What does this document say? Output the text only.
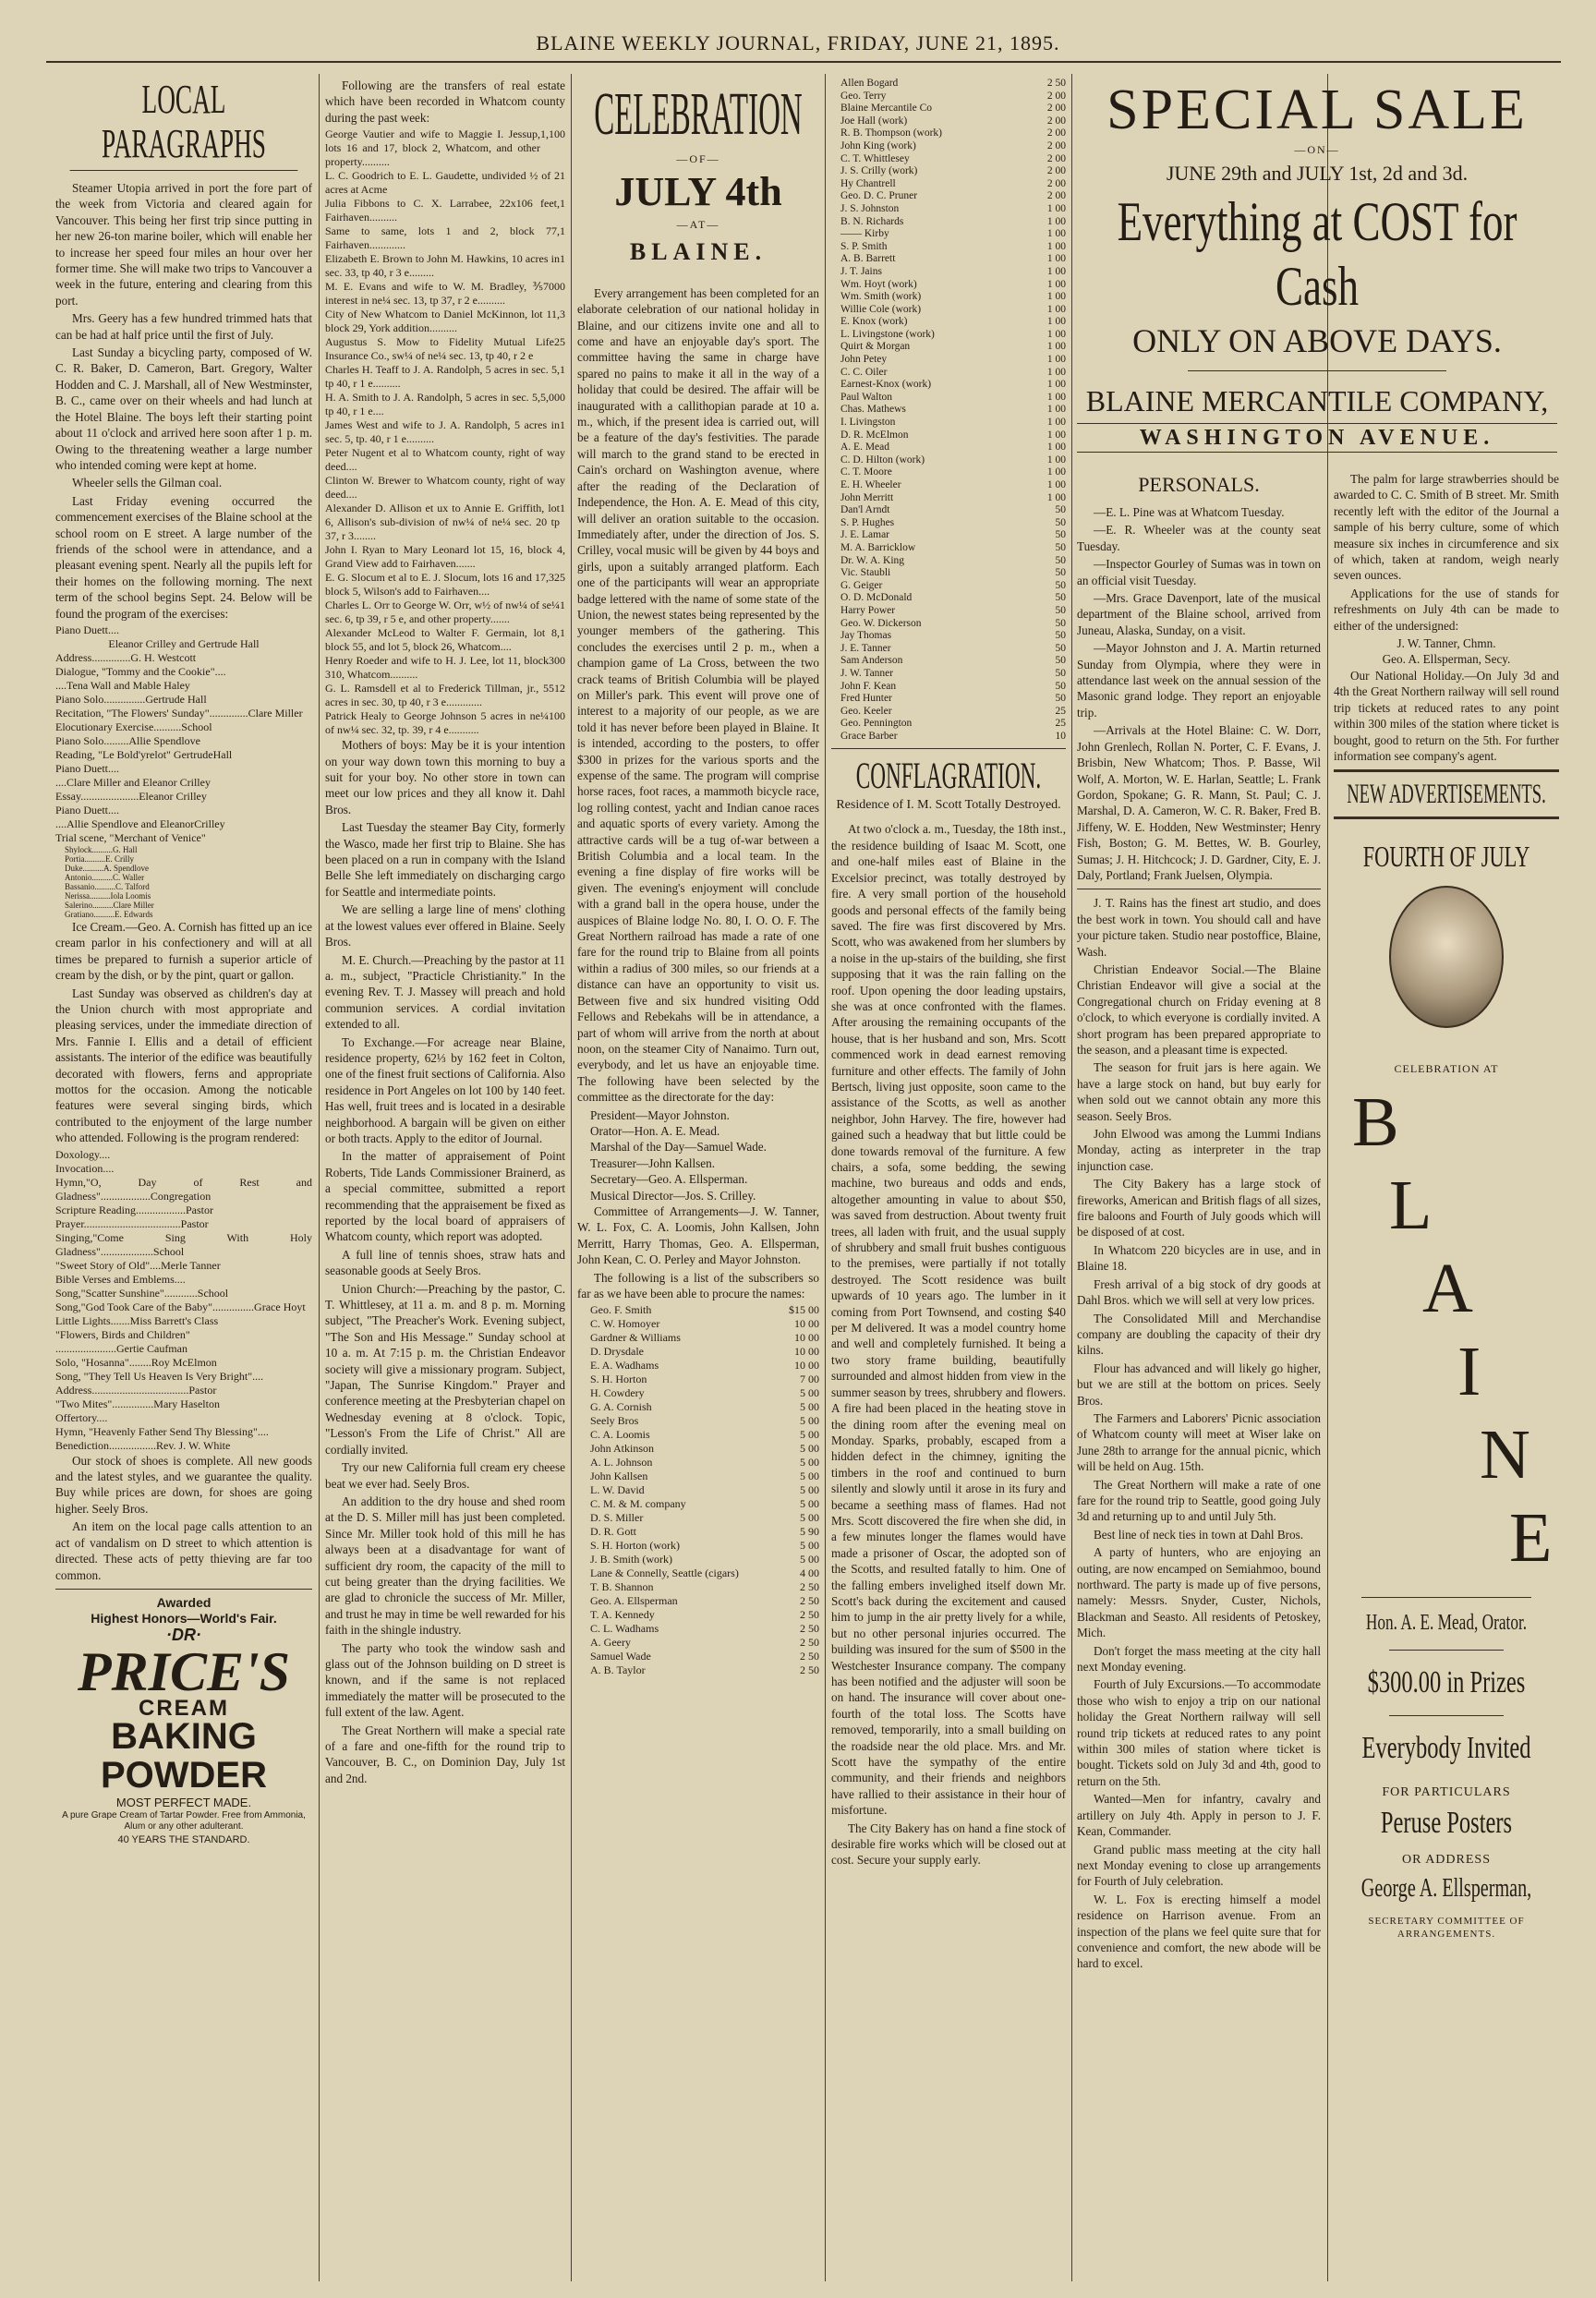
BLAINE WEEKLY JOURNAL, FRIDAY, JUNE 21, 1895.
LOCAL PARAGRAPHS

Steamer Utopia arrived in port the fore part of the week from Victoria and cleared again for Vancouver. This being her first trip since putting in her new 26-ton marine boiler, which will enable her to increase her speed four miles an hour over her former time. She will make two trips to Vancouver a week in the future, entering and clearing from this port.

Mrs. Geery has a few hundred trimmed hats that can be had at half price until the first of July.

Last Sunday a bicycling party, composed of W. C. R. Baker, D. Cameron, Bart. Gregory, Walter Hodden and C. J. Marshall, all of New Westminster, B. C., came over on their wheels and had lunch at the Hotel Blaine. The boys left their starting point about 11 o'clock and arrived here soon after 1 p. m. Owing to the threatening weather a large number who intended coming were kept at home.

Wheeler sells the Gilman coal.

Last Friday evening occurred the commencement exercises of the Blaine school at the school room on E street. A large number of the friends of the school were in attendance, and a pleasant evening spent. Nearly all the pupils left for their homes on the following morning. The next term of the school begins Sept. 24. Below will be found the program of the exercises:

Piano Duett....
Eleanor Crilley and Gertrude Hall
Address..............G. H. Westcott
Dialogue, "Tommy and the Cookie"....
....Tena Wall and Mable Haley
Piano Solo...............Gertrude Hall
Recitation, "The Flowers' Sunday"..............Clare Miller
Elocutionary Exercise..........School
Piano Solo.........Allie Spendlove
Reading, "Le Bold'yrelot" GertrudeHall
Piano Duett....
....Clare Miller and Eleanor Crilley
Essay.....................Eleanor Crilley
Piano Duett....
....Allie Spendlove and EleanorCrilley
Trial scene, "Merchant of Venice"
Shylock..........G. Hall
Portia..........E. Crilly
Duke..........A. Spendlove
Antonio..........C. Waller
Bassanio..........C. Talford
Nerissa..........Iola Loomis
Salerino..........Clare Miller
Gratiano..........E. Edwards

Ice Cream.—Geo. A. Cornish has fitted up an ice cream parlor in his confectionery and will at all times be prepared to furnish a superior article of cream by the dish, or by the pint, quart or gallon.

Last Sunday was observed as children's day at the Union church with most appropriate and pleasing services, under the immediate direction of Mrs. Fannie I. Ellis and a detail of efficient assistants. The interior of the edifice was beautifully decorated with flowers, ferns and appropriate mottos for the occasion. Among the noticable features were several singing birds, which contributed to the enjoyment of the large number who attended. Following is the program rendered:

Doxology....
Invocation....
Hymn,"O, Day of Rest and Gladness"..................Congregation
Scripture Reading..................Pastor
Prayer...................................Pastor
Singing,"Come Sing With Holy Gladness"...................School
"Sweet Story of Old"....Merle Tanner
Bible Verses and Emblems....
Song,"Scatter Sunshine"............School
Song,"God Took Care of the Baby"...............Grace Hoyt
Little Lights.......Miss Barrett's Class
"Flowers, Birds and Children"
......................Gertie Caufman
Solo, "Hosanna"........Roy McElmon
Song, "They Tell Us Heaven Is Very Bright"....
Address...................................Pastor
"Two Mites"...............Mary Haselton
Offertory....
Hymn, "Heavenly Father Send Thy Blessing"....
Benediction.................Rev. J. W. White

Our stock of shoes is complete. All new goods and the latest styles, and we guarantee the quality. Buy while prices are down, for shoes are going higher. Seely Bros.

An item on the local page calls attention to an act of vandalism on D street to which attention is directed. These acts of petty thieving are far too common.

Awarded
Highest Honors—World's Fair.
·DR·
PRICE'S
CREAM
BAKING
POWDER
MOST PERFECT MADE.
A pure Grape Cream of Tartar Powder. Free from Ammonia, Alum or any other adulterant.
40 YEARS THE STANDARD.

Following are the transfers of real estate which have been recorded in Whatcom county during the past week:

George Vautier and wife to Maggie I. Jessup, lots 16 and 17, block 2, Whatcom, and other property..........
1,100
L. C. Goodrich to E. L. Gaudette, undivided ½ of 2 acres at Acme
1
Julia Fibbons to C. X. Larrabee, 22x106 feet, Fairhaven..........
1
Same to same, lots 1 and 2, block 77, Fairhaven.............
1
Elizabeth E. Brown to John M. Hawkins, 10 acres in sec. 33, tp 40, r 3 e.........
1
M. E. Evans and wife to W. M. Bradley, ⅗ interest in ne¼ sec. 13, tp 37, r 2 e..........
7000
City of New Whatcom to Daniel McKinnon, lot 11, block 29, York addition..........
3
Augustus S. Mow to Fidelity Mutual Life Insurance Co., sw¼ of ne¼ sec. 13, tp 40, r 2 e
25
Charles H. Teaff to J. A. Randolph, 5 acres in sec. 5, tp 40, r 1 e..........
1
H. A. Smith to J. A. Randolph, 5 acres in sec. 5, tp 40, r 1 e....
5,000
James West and wife to J. A. Randolph, 5 acres in sec. 5, tp. 40, r 1 e..........
1
Peter Nugent et al to Whatcom county, right of way deed....
Clinton W. Brewer to Whatcom county, right of way deed....
Alexander D. Allison et ux to Annie E. Griffith, lot 6, Allison's sub-division of nw¼ of ne¼ sec. 20 tp 37, r 3........
1
John I. Ryan to Mary Leonard lot 15, 16, block 4, Grand View add to Fairhaven.......
E. G. Slocum et al to E. J. Slocum, lots 16 and 17, block 5, Wilson's add to Fairhaven....
325
Charles L. Orr to George W. Orr, w½ of nw¼ of se¼ sec. 6, tp 39, r 5 e, and other property.......
1
Alexander McLeod to Walter F. Germain, lot 8, block 55, and lot 5, block 26, Whatcom....
1
Henry Roeder and wife to H. J. Lee, lot 11, block 310, Whatcom..........
300
G. L. Ramsdell et al to Frederick Tillman, jr., 5 acres in sec. 30, tp 40, r 3 e.............
512
Patrick Healy to George Johnson 5 acres in ne¼ of nw¼ sec. 32, tp. 39, r 4 e...........
100

Mothers of boys: May be it is your intention on your way down town this morning to buy a suit for your boy. No other store in town can meet our low prices and they all know it. Dahl Bros.

Last Tuesday the steamer Bay City, formerly the Wasco, made her first trip to Blaine. She has been placed on a run in company with the Island Belle She left immediately on discharging cargo for Seattle and intermediate points.

We are selling a large line of mens' clothing at the lowest values ever offered in Blaine. Seely Bros.

M. E. Church.—Preaching by the pastor at 11 a. m., subject, "Practicle Christianity." In the evening Rev. T. J. Massey will preach and hold communion services. A cordial invitation extended to all.

To Exchange.—For acreage near Blaine, residence property, 62⅓ by 162 feet in Colton, one of the finest fruit sections of California. Also residence in Port Angeles on lot 100 by 140 feet. Has well, fruit trees and is located in a desirable neighborhood. A bargain will be given on either or both tracts. Apply to the editor of Journal.

In the matter of appraisement of Point Roberts, Tide Lands Commissioner Brainerd, as a special committee, submitted a report recommending that the appraisement be fixed as reported by the local board of appraisers of Whatcom county, which report was adopted.

A full line of tennis shoes, straw hats and seasonable goods at Seely Bros.

Union Church:—Preaching by the pastor, C. T. Whittlesey, at 11 a. m. and 8 p. m. Morning subject, "The Preacher's Work. Evening subject, "The Son and His Message." Sunday school at 10 a. m. At 7:15 p. m. the Christian Endeavor society will give a missionary program. Subject, "Japan, The Sunrise Kingdom." Prayer and conference meeting at the Presbyterian chapel on Wednesday evening at 8 o'clock. Topic, "Lesson's From the Life of Christ." All are cordially invited.

Try our new California full cream ery cheese beat we ever had. Seely Bros.

An addition to the dry house and shed room at the D. S. Miller mill has just been completed. Since Mr. Miller took hold of this mill he has always been at a disadvantage for want of sufficient dry room, the capacity of the mill to cut being greater than the drying facilities. We are glad to chronicle the success of Mr. Miller, and trust he may in time be well rewarded for his faith in the shingle industry.

The party who took the window sash and glass out of the Johnson building on D street is known, and if the same is not replaced immediately the matter will be prosecuted to the full extent of the law. Agent.

The Great Northern will make a special rate of a fare and one-fifth for the round trip to Vancouver, B. C., on Dominion Day, July 1st and 2nd.

CELEBRATION
—OF—
JULY 4th
—AT—
BLAINE.

Every arrangement has been completed for an elaborate celebration of our national holiday in Blaine, and our citizens invite one and all to come and have an enjoyable day's sport. The committee having the same in charge have spared no pains to make it all in the way of a holiday that could be desired. The affair will be inaugurated with a callithopian parade at 10 a. m., which, if the present idea is carried out, will be a feature of the day's festivities. The parade will march to the grand stand to be erected in Cain's orchard on Washington avenue, where after the reading of the Declaration of Independence, the Hon. A. E. Mead of this city, will deliver an oration suitable to the occasion. Immediately after, under the direction of Jos. S. Crilley, vocal music will be given by 44 boys and girls, upon a suitably arranged platform. Each one of the participants will wear an appropriate badge lettered with the name of some state of the Union, the newest states being represented by the younger members of the gathering. This concludes the exercises until 2 p. m., when a champion game of La Cross, between the two crack teams of British Columbia will be played on Miller's park. This event will prove one of interest to a majority of our people, as we are told it has never before been played in Blaine. It is intended, according to the posters, to offer $300 in prizes for the various sports and the expense of the same. The program will comprise horse races, foot races, a mammoth bicycle race, log rolling contest, yacht and Indian canoe races and aquatic sports of every variety. Among the attractive cards will be a tug of-war between a British Columbia and a local team. In the evening a fine display of fire works will be given. The evening's enjoyment will conclude with a grand ball in the opera house, under the auspices of Blaine lodge No. 80, I. O. O. F. The Great Northern railroad has made a rate of one fare for the round trip to Blaine from all points within a radius of 300 miles, so our friends at a distance can have an opportunity to visit us. Between five and six hundred visiting Odd Fellows and Rebekahs will be in attendance, a part of whom will arrive from the north at about noon, on the steamer City of Nanaimo. Turn out, everybody, and let us have an enjoyable time. The following have been selected by the committee as the directorate for the day:

President—Mayor Johnston.
Orator—Hon. A. E. Mead.
Marshal of the Day—Samuel Wade.
Treasurer—John Kallsen.
Secretary—Geo. A. Ellsperman.
Musical Director—Jos. S. Crilley.

Committee of Arrangements—J. W. Tanner, W. L. Fox, C. A. Loomis, John Kallsen, John Merritt, Harry Thomas, Geo. A. Ellsperman, John Kean, C. O. Perley and Mayor Johnston.

The following is a list of the subscribers so far as we have been able to procure the names:

Geo. F. Smith	$15 00
C. W. Homoyer	10 00
Gardner & Williams	10 00
D. Drysdale	10 00
E. A. Wadhams	10 00
S. H. Horton	7 00
H. Cowdery	5 00
G. A. Cornish	5 00
Seely Bros	5 00
C. A. Loomis	5 00
John Atkinson	5 00
A. L. Johnson	5 00
John Kallsen	5 00
L. W. David	5 00
C. M. & M. company	5 00
D. S. Miller	5 00
D. R. Gott	5 90
S. H. Horton (work)	5 00
J. B. Smith (work)	5 00
Lane & Connelly, Seattle (cigars)	4 00
T. B. Shannon	2 50
Geo. A. Ellsperman	2 50
T. A. Kennedy	2 50
C. L. Wadhams	2 50
A. Geery	2 50
Samuel Wade	2 50
A. B. Taylor	2 50
Allen Bogard	2 50
Geo. Terry	2 00
Blaine Mercantile Co	2 00
Joe Hall (work)	2 00
R. B. Thompson (work)	2 00
John King (work)	2 00
C. T. Whittlesey	2 00
J. S. Crilly (work)	2 00
Hy Chantrell	2 00
Geo. D. C. Pruner	2 00
J. S. Johnston	1 00
B. N. Richards	1 00
—— Kirby	1 00
S. P. Smith	1 00
A. B. Barrett	1 00
J. T. Jains	1 00
Wm. Hoyt (work)	1 00
Wm. Smith (work)	1 00
Willie Cole (work)	1 00
E. Knox (work)	1 00
L. Livingstone (work)	1 00
Quirt & Morgan	1 00
John Petey	1 00
C. C. Oiler	1 00
Earnest-Knox (work)	1 00
Paul Walton	1 00
Chas. Mathews	1 00
I. Livingston	1 00
D. R. McElmon	1 00
A. E. Mead	1 00
C. D. Hilton (work)	1 00
C. T. Moore	1 00
E. H. Wheeler	1 00
John Merritt	1 00
Dan'l Arndt	50
S. P. Hughes	50
J. E. Lamar	50
M. A. Barricklow	50
Dr. W. A. King	50
Vic. Staubli	50
G. Geiger	50
O. D. McDonald	50
Harry Power	50
Geo. W. Dickerson	50
Jay Thomas	50
J. E. Tanner	50
Sam Anderson	50
J. W. Tanner	50
John F. Kean	50
Fred Hunter	50
Geo. Keeler	25
Geo. Pennington	25
Grace Barber	10
CONFLAGRATION.
Residence of I. M. Scott Totally Destroyed.

At two o'clock a. m., Tuesday, the 18th inst., the residence building of Isaac M. Scott, one and one-half miles east of Blaine in the Excelsior precinct, was totally destroyed by fire. A very small portion of the household goods and personal effects of the family being saved. The fire was first discovered by Mrs. Scott, who was awakened from her slumbers by a noise in the up-stairs of the building, she first supposing that it was the rain falling on the roof. Upon opening the door leading upstairs, she was at once confronted with the flames. After arousing the remaining occupants of the house, that is her husband and son, Mrs. Scott commenced work in dead earnest removing furniture and other effects. The family of John Bertsch, living just opposite, soon came to the assistance of the Scotts, as well as another neighbor, John Harvey. The fire, however had gained such a headway that but little could be done towards removal of the furniture. A few chairs, a sofa, some bedding, the sewing machine, two bureaus and odds and ends, altogether amounting in value to about $50, was saved from destruction. About twenty fruit trees, all laden with fruit, and the usual supply of shrubbery and small fruit bushes contiguous to the premises, were partially if not totally destroyed. The Scott residence was built upwards of 10 years ago. The lumber in it coming from Port Townsend, and costing $40 per M delivered. It was a model country home and well and completely furnished. It being a two story frame building, beautifully surrounded and almost hidden from view in the summer season by trees, shrubbery and flowers. A fire had been placed in the heating stove in the dining room after the evening meal on Monday. Sparks, probably, escaped from a hidden defect in the chimney, igniting the timbers in the roof and continued to burn silently and slowly until it arose in its fury and became a seething mass of flames. Had not Mrs. Scott discovered the fire when she did, in a few minutes longer the flames would have made a prisoner of Oscar, the adopted son of the Scotts, and resulted fatally to him. One of the falling embers invelighed itself down Mr. Scott's back during the excitement and caused him to jump in the air pretty lively for a while, but no other personal injuries occurred. The building was insured for the sum of $500 in the Westchester Insurance company. The company has been notified and the adjuster will soon be on hand. The insurance will cover about one-fourth of the total loss. The Scotts have removed, temporarily, into a small building on the roadside near the old place. Mrs. and Mr. Scott have the sympathy of the entire community, and their friends and neighbors have rallied to their assistance in their hour of misfortune.

The City Bakery has on hand a fine stock of desirable fire works which will be closed out at cost. Secure your supply early.

SPECIAL SALE
—ON—
JUNE 29th and JULY 1st, 2d and 3d.
Everything at COST for Cash
ONLY ON ABOVE DAYS.
BLAINE MERCANTILE COMPANY,
WASHINGTON AVENUE.
PERSONALS.

—E. L. Pine was at Whatcom Tuesday.

—E. R. Wheeler was at the county seat Tuesday.

—Inspector Gourley of Sumas was in town on an official visit Tuesday.

—Mrs. Grace Davenport, late of the musical department of the Blaine school, arrived from Juneau, Alaska, Sunday, on a visit.

—Mayor Johnston and J. A. Martin returned Sunday from Olympia, where they were in attendance last week on the annual session of the Masonic grand lodge. They report an enjoyable trip.

—Arrivals at the Hotel Blaine: C. W. Dorr, John Grenlech, Rollan N. Porter, C. F. Evans, J. Brisbin, New Whatcom; Thos. P. Basse, Wil Wolf, A. Morton, W. E. Harlan, Seattle; L. Frank Gordon, Spokane; G. R. Mann, St. Paul; C. J. Marshal, D. A. Cameron, W. C. R. Baker, Fred B. Jiffeny, W. E. Hodden, New Westminster; Henry Fish, Boston; G. M. Bettes, W. B. Gourley, Sumas; J. H. Hitchcock; J. D. Gardner, City, E. J. Daly, Portland; Frank Juelsen, Olympia.

J. T. Rains has the finest art studio, and does the best work in town. You should call and have your picture taken. Studio near postoffice, Blaine, Wash.

Christian Endeavor Social.—The Blaine Christian Endeavor will give a social at the Congregational church on Friday evening at 8 o'clock, to which everyone is cordially invited. A short program has been prepared appropriate to the season, and a pleasant time is expected.

The season for fruit jars is here again. We have a large stock on hand, but buy early for when sold out we cannot obtain any more this season. Seely Bros.

John Elwood was among the Lummi Indians Monday, acting as interpreter in the trap injunction case.

The City Bakery has a large stock of fireworks, American and British flags of all sizes, fire baloons and Fourth of July goods which will be disposed of at cost.

In Whatcom 220 bicycles are in use, and in Blaine 18.

Fresh arrival of a big stock of dry goods at Dahl Bros. which we will sell at very low prices.

The Consolidated Mill and Merchandise company are doubling the capacity of their dry kilns.

Flour has advanced and will likely go higher, but we are still at the bottom on prices. Seely Bros.

The Farmers and Laborers' Picnic association of Whatcom county will meet at Wiser lake on June 28th to arrange for the annual picnic, which will be held on Aug. 15th.

The Great Northern will make a rate of one fare for the round trip to Seattle, good going July 3d and returning up to and until July 5th.

Best line of neck ties in town at Dahl Bros.

A party of hunters, who are enjoying an outing, are now encamped on Semiahmoo, bound northward. The party is made up of five persons, namely: Messrs. Snyder, Custer, Nichols, Blackman and Seasto. All residents of Petoskey, Mich.

Don't forget the mass meeting at the city hall next Monday evening.

Fourth of July Excursions.—To accommodate those who wish to enjoy a trip on our national holiday the Great Northern railway will sell round trip tickets at reduced rates to any point within 300 miles of station where ticket is bought. Tickets sold on July 3d and 4th, good to return on the 5th.

Wanted—Men for infantry, cavalry and artillery on July 4th. Apply in person to J. F. Kean, Commander.

Grand public mass meeting at the city hall next Monday evening to close up arrangements for Fourth of July celebration.

W. L. Fox is erecting himself a model residence on Harrison avenue. From an inspection of the plans we feel quite sure that for convenience and comfort, the new abode will be hard to excel.

The palm for large strawberries should be awarded to C. C. Smith of B street. Mr. Smith recently left with the editor of the Journal a sample of his berry culture, some of which measure six inches in circumference and six of which, taken at random, weigh nearly seven ounces.

Applications for the use of stands for refreshments on July 4th can be made to either of the undersigned:

J. W. Tanner, Chmn.
Geo. A. Ellsperman, Secy.

Our National Holiday.—On July 3d and 4th the Great Northern railway will sell round trip tickets at reduced rates to any point within 300 miles of the station where ticket is bought, good to return on the 5th. For further information see company's agent.

NEW ADVERTISEMENTS.
FOURTH OF JULY
CELEBRATION AT
B
L
A
I
N
E
Hon. A. E. Mead, Orator.
$300.00 in Prizes
Everybody Invited
FOR PARTICULARS
Peruse Posters
OR ADDRESS
George A. Ellsperman,
SECRETARY COMMITTEE OF ARRANGEMENTS.
